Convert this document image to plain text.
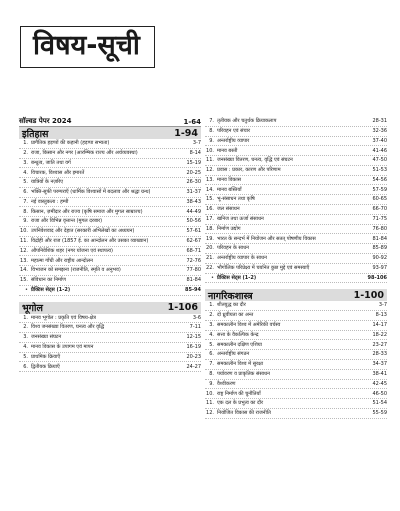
विषय-सूची
सॉल्वड पेपर 2024	1-64
इतिहास	1-94
1. प्रागैतिक हड़प्पों की कहानी (हड़प्पा सभ्यता)	3-7
2. राजा, किसान और नगर (आरम्भिक राज्य और अर्थव्यवस्था)	8-14
3. बन्धुत्व, जाति तथा वर्ग	15-19
4. विचारक, विश्वास और इमारतें	20-25
5. यात्रियों के नज़रिए	26-30
6. भक्ति-सूफी परम्पराएँ (धार्मिक विश्वासों में बदलाव और श्रद्धा ग्रन्थ)	31-37
7. नई वास्तुकला : हम्पी	38-43
8. किसान, ज़मींदार और राज्य (कृषि समाज और मुगल साम्राज्य)	44-49
9. राजा और विभिन्न वृत्तान्त (मुगल दरबार)	50-56
10. उपनिवेशवाद और देहात (सरकारी अभिलेखों का अध्ययन)	57-61
11. विद्रोही और राज (1857 ई. का आन्दोलन और उसका व्याख्यान)	62-67
12. औपनिवेशिक शहर (नगर योजना एवं स्थापत्य)	68-71
13. महात्मा गाँधी और राष्ट्रीय आन्दोलन	72-76
14. विभाजन को समझना (राजनीति, स्मृति व अनुभव)	77-80
15. संविधान का निर्माण	81-84
• प्रैक्टिस सेट्स (1-2)	85-94
भूगोल	1-106
1. मानव भूगोल : प्रकृति एवं विषय-क्षेत्र	3-6
2. विश्व जनसंख्या वितरण, घनत्व और वृद्धि	7-11
3. जनसंख्या संघटन	12-15
4. मानव विकास के उपागम एवं मापन	16-19
5. प्राथमिक क्रियाएँ	20-23
6. द्वितीयक क्रियाएँ	24-27
7. तृतीयक और चतुर्थक क्रियाकलाप	28-31
8. परिवहन एवं संचार	32-36
9. अन्तर्राष्ट्रीय व्यापार	37-40
10. मानव बस्ती	41-46
11. जनसंख्या वितरण, घनत्व, वृद्धि एवं संघटन	47-50
12. प्रवास : प्रकार, कारण और परिणाम	51-53
13. मानव विकास	54-56
14. मानव बस्तियाँ	57-59
15. भू-संसाधन तथा कृषि	60-65
16. जल संसाधन	66-70
17. खनिज तथा ऊर्जा संसाधन	71-75
18. निर्माण उद्योग	76-80
19. भारत के सन्दर्भ में नियोजन और सतत् पोषणीय विकास	81-84
20. परिवहन के साधन	85-89
21. अन्तर्राष्ट्रीय व्यापार के साधन	90-92
22. भौगोलिक परिप्रेक्ष्य में चयनित कुछ मुद्दे एवं समस्याएँ	93-97
• प्रैक्टिस सेट्स (1-2)	98-106
नागरिकशास्त्र	1-100
1. शीतयुद्ध का दौर	3-7
2. दो ध्रुवीयता का अन्त	8-13
3. समकालीन विश्व में अमेरिकी वर्चस्व	14-17
4. सत्ता के वैकल्पिक केन्द्र	18-22
5. समकालीन दक्षिण एशिया	23-27
6. अन्तर्राष्ट्रीय संगठन	28-33
7. समकालीन विश्व में सुरक्षा	34-37
8. पर्यावरण व प्राकृतिक संसाधन	38-41
9. वैश्वीकरण	42-45
10. राष्ट्र निर्माण की चुनौतियाँ	46-50
11. एक दल के प्रभुत्व का दौर	51-54
12. नियोजित विकास की राजनीति	55-59
